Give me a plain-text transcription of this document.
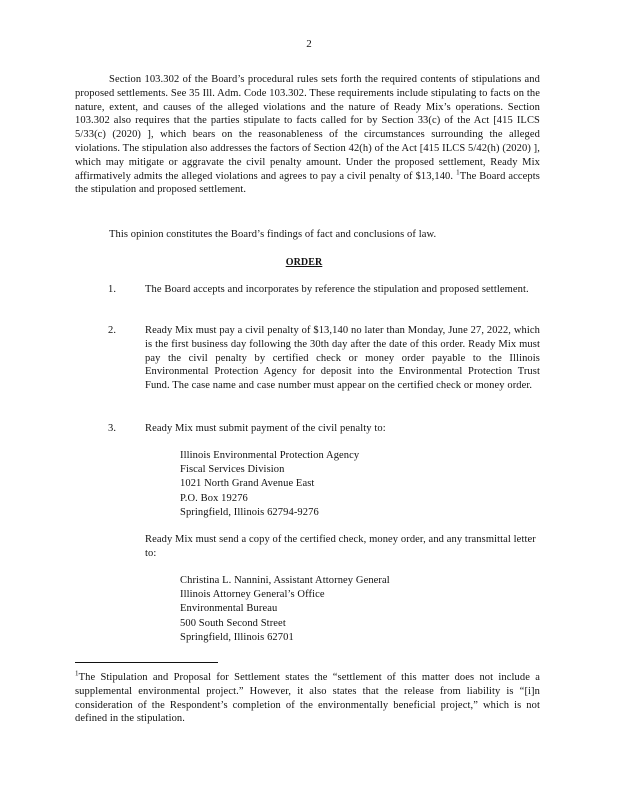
2

Section 103.302 of the Board’s procedural rules sets forth the required contents of stipulations and proposed settlements. See 35 Ill. Adm. Code 103.302. These requirements include stipulating to facts on the nature, extent, and causes of the alleged violations and the nature of Ready Mix’s operations. Section 103.302 also requires that the parties stipulate to facts called for by Section 33(c) of the Act [415 ILCS 5/33(c) (2020) ], which bears on the reasonableness of the circumstances surrounding the alleged violations. The stipulation also addresses the factors of Section 42(h) of the Act [415 ILCS 5/42(h) (2020) ], which may mitigate or aggravate the civil penalty amount. Under the proposed settlement, Ready Mix affirmatively admits the alleged violations and agrees to pay a civil penalty of $13,140. $^1$The Board accepts the stipulation and proposed settlement.

This opinion constitutes the Board’s findings of fact and conclusions of law.

ORDER
1.	The Board accepts and incorporates by reference the stipulation and proposed settlement.
2.	Ready Mix must pay a civil penalty of $13,140 no later than Monday, June 27, 2022, which is the first business day following the 30th day after the date of this order. Ready Mix must pay the civil penalty by certified check or money order payable to the Illinois Environmental Protection Agency for deposit into the Environmental Protection Trust Fund. The case name and case number must appear on the certified check or money order.
3.	Ready Mix must submit payment of the civil penalty to:
Illinois Environmental Protection Agency
Fiscal Services Division
1021 North Grand Avenue East
P.O. Box 19276
Springfield, Illinois 62794-9276
Ready Mix must send a copy of the certified check, money order, and any transmittal letter to:
Christina L. Nannini, Assistant Attorney General
Illinois Attorney General’s Office
Environmental Bureau
500 South Second Street
Springfield, Illinois 62701

$^1$The Stipulation and Proposal for Settlement states the “settlement of this matter does not include a supplemental environmental project.” However, it also states that the release from liability is “[i]n consideration of the Respondent’s completion of the environmentally beneficial project,” which is not defined in the stipulation.
